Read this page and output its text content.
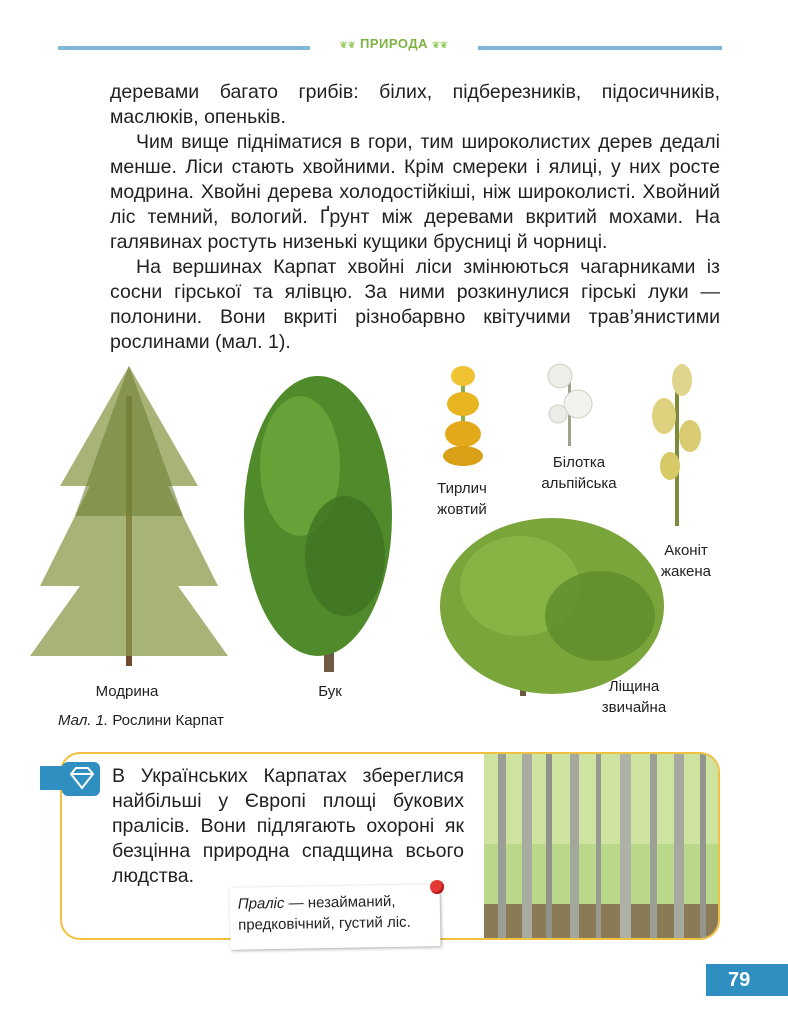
❦❦ ПРИРОДА ❦❦

деревами багато грибів: білих, підберезників, підосичників, маслюків, опеньків.

Чим вище підніматися в гори, тим широколистих дерев дедалі менше. Ліси стають хвойними. Крім смереки і ялиці, у них росте модрина. Хвойні дерева холодостійкіші, ніж широколисті. Хвойний ліс темний, вологий. Ґрунт між деревами вкритий мохами. На галявинах ростуть низенькі кущики брусниці й чорниці.

На вершинах Карпат хвойні ліси змінюються чагарниками із сосни гірської та ялівцю. За ними розкинулися гірські луки — полонини. Вони вкриті різнобарвно квітучими трав’янистими рослинами (мал. 1).

Модрина	Бук
Тирлич жовтий
Білотка альпійська
Аконіт жакена
Ліщина звичайна
Мал. 1. Рослини Карпат
В Українських Карпатах збереглися найбільші у Європі площі букових пралісів. Вони підлягають охороні як безцінна природна спадщина всього людства.
Праліс — незайманий, предковічний, густий ліс.
79
